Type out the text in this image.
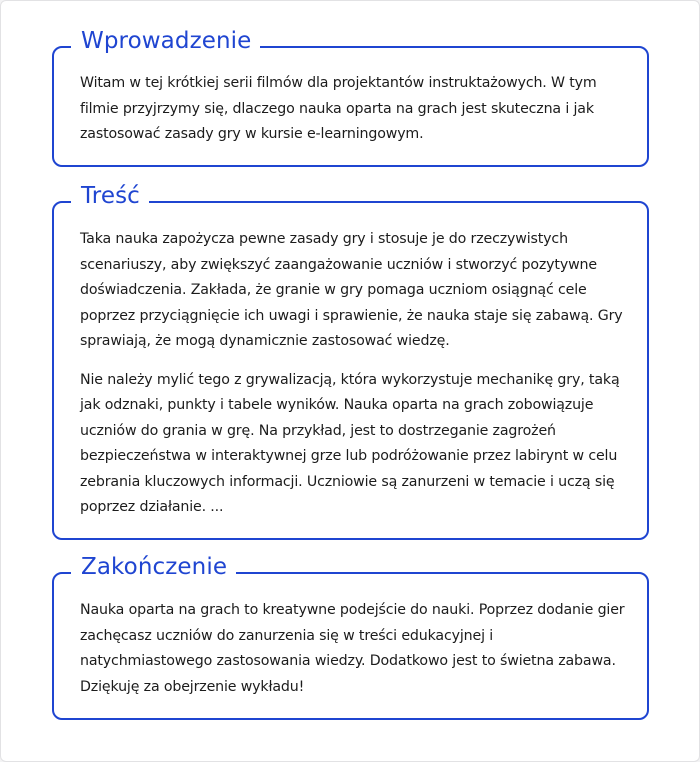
Wprowadzenie

Witam w tej krótkiej serii filmów dla projektantów instruktażowych. W tym filmie przyjrzymy się, dlaczego nauka oparta na grach jest skuteczna i jak zastosować zasady gry w kursie e-learningowym.

Treść

Taka nauka zapożycza pewne zasady gry i stosuje je do rzeczywistych scenariuszy, aby zwiększyć zaangażowanie uczniów i stworzyć pozytywne doświadczenia. Zakłada, że granie w gry pomaga uczniom osiągnąć cele poprzez przyciągnięcie ich uwagi i sprawienie, że nauka staje się zabawą. Gry sprawiają, że mogą dynamicznie zastosować wiedzę.

Nie należy mylić tego z grywalizacją, która wykorzystuje mechanikę gry, taką jak odznaki, punkty i tabele wyników. Nauka oparta na grach zobowiązuje uczniów do grania w grę. Na przykład, jest to dostrzeganie zagrożeń bezpieczeństwa w interaktywnej grze lub podróżowanie przez labirynt w celu zebrania kluczowych informacji. Uczniowie są zanurzeni w temacie i uczą się poprzez działanie. ...

Zakończenie

Nauka oparta na grach to kreatywne podejście do nauki. Poprzez dodanie gier zachęcasz uczniów do zanurzenia się w treści edukacyjnej i natychmiastowego zastosowania wiedzy. Dodatkowo jest to świetna zabawa. Dziękuję za obejrzenie wykładu!
